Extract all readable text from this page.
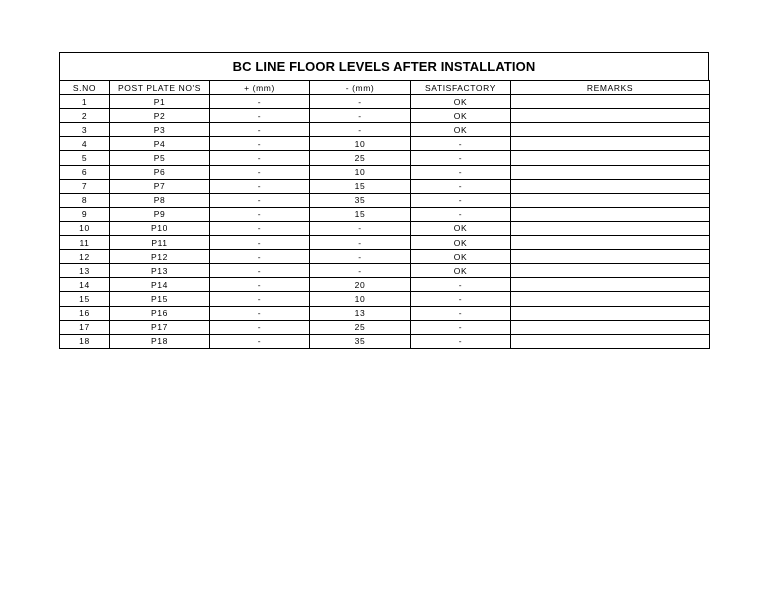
BC LINE FLOOR LEVELS AFTER INSTALLATION
S.NO	POST PLATE NO'S	+ (mm)	- (mm)	SATISFACTORY	REMARKS
1	P1	-	-	OK	
2	P2	-	-	OK	
3	P3	-	-	OK	
4	P4	-	10	-	
5	P5	-	25	-	
6	P6	-	10	-	
7	P7	-	15	-	
8	P8	-	35	-	
9	P9	-	15	-	
10	P10	-	-	OK	
11	P11	-	-	OK	
12	P12	-	-	OK	
13	P13	-	-	OK	
14	P14	-	20	-	
15	P15	-	10	-	
16	P16	-	13	-	
17	P17	-	25	-	
18	P18	-	35	-	
